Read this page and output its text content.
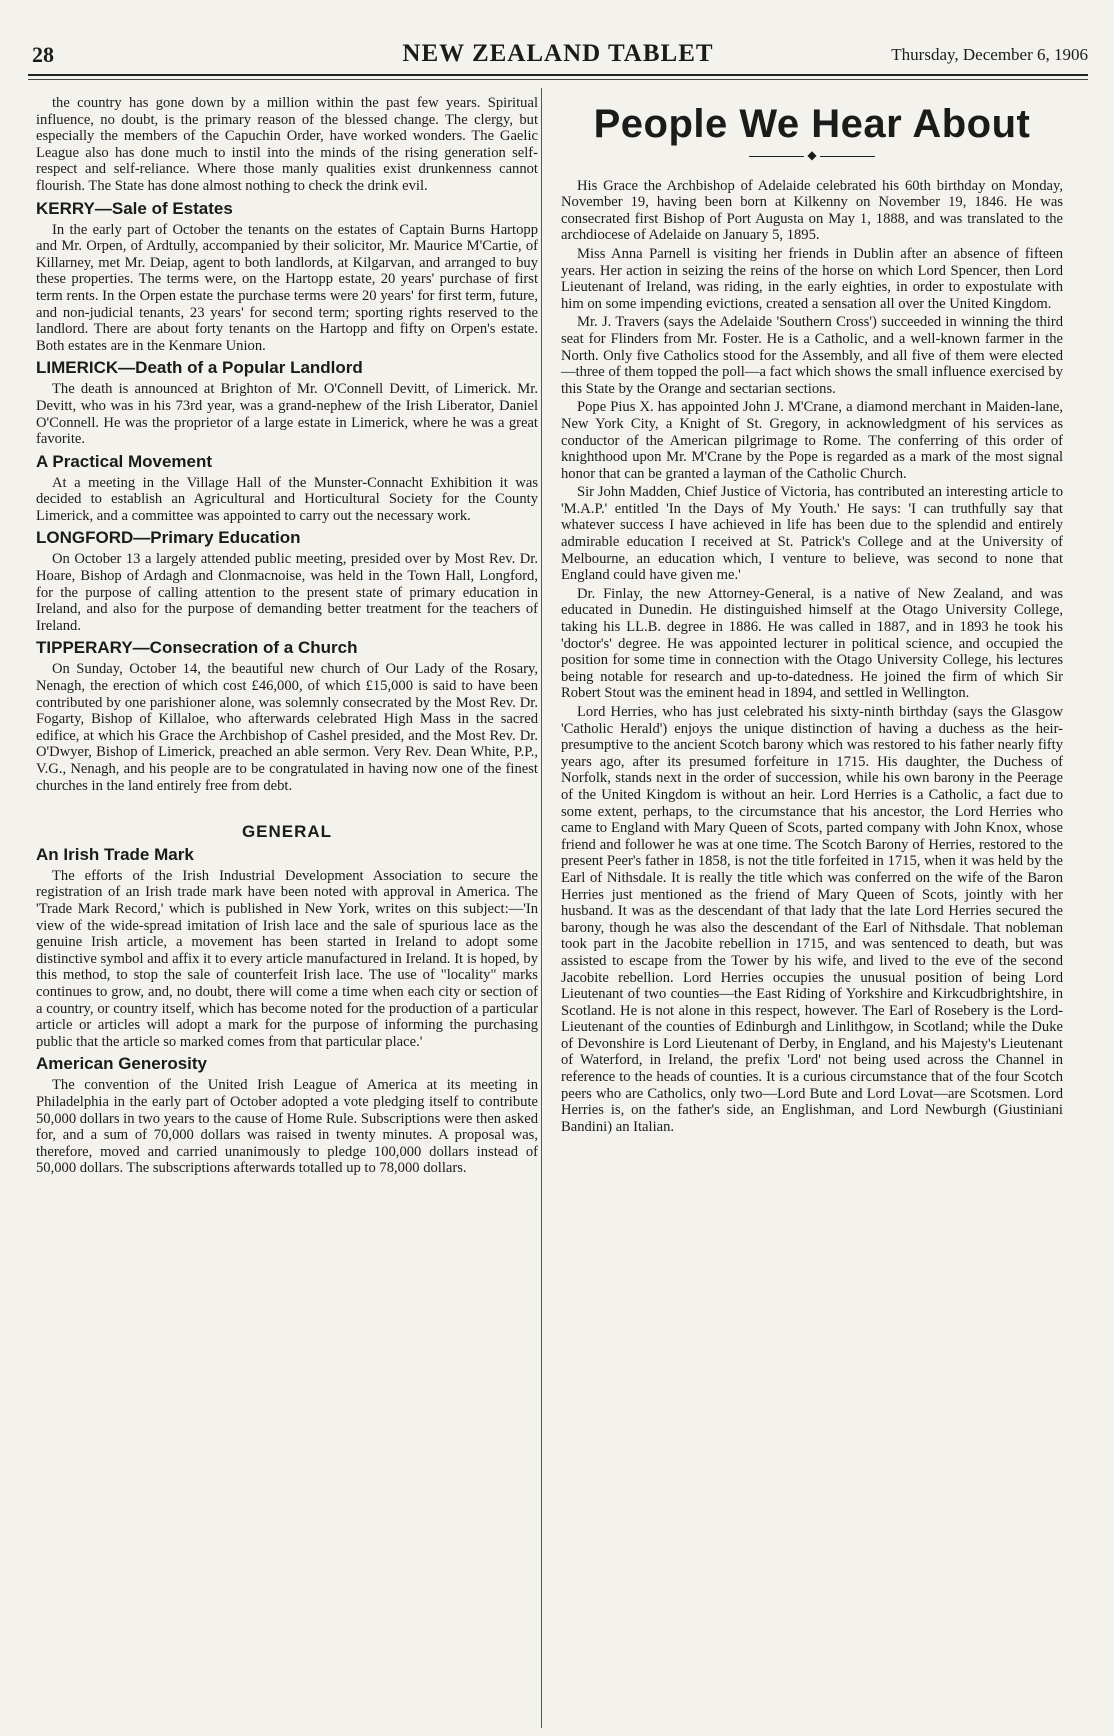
28	NEW ZEALAND TABLET	Thursday, December 6, 1906

the country has gone down by a million within the past few years. Spiritual influence, no doubt, is the primary reason of the blessed change. The clergy, but especially the members of the Capuchin Order, have worked wonders. The Gaelic League also has done much to instil into the minds of the rising generation self-respect and self-reliance. Where those manly qualities exist drunkenness cannot flourish. The State has done almost nothing to check the drink evil.

KERRY—Sale of Estates

In the early part of October the tenants on the estates of Captain Burns Hartopp and Mr. Orpen, of Ardtully, accompanied by their solicitor, Mr. Maurice M'Cartie, of Killarney, met Mr. Deiap, agent to both landlords, at Kilgarvan, and arranged to buy these properties. The terms were, on the Hartopp estate, 20 years' purchase of first term rents. In the Orpen estate the purchase terms were 20 years' for first term, future, and non-judicial tenants, 23 years' for second term; sporting rights reserved to the landlord. There are about forty tenants on the Hartopp and fifty on Orpen's estate. Both estates are in the Kenmare Union.

LIMERICK—Death of a Popular Landlord

The death is announced at Brighton of Mr. O'Connell Devitt, of Limerick. Mr. Devitt, who was in his 73rd year, was a grand-nephew of the Irish Liberator, Daniel O'Connell. He was the proprietor of a large estate in Limerick, where he was a great favorite.

A Practical Movement

At a meeting in the Village Hall of the Munster-Connacht Exhibition it was decided to establish an Agricultural and Horticultural Society for the County Limerick, and a committee was appointed to carry out the necessary work.

LONGFORD—Primary Education

On October 13 a largely attended public meeting, presided over by Most Rev. Dr. Hoare, Bishop of Ardagh and Clonmacnoise, was held in the Town Hall, Longford, for the purpose of calling attention to the present state of primary education in Ireland, and also for the purpose of demanding better treatment for the teachers of Ireland.

TIPPERARY—Consecration of a Church

On Sunday, October 14, the beautiful new church of Our Lady of the Rosary, Nenagh, the erection of which cost £46,000, of which £15,000 is said to have been contributed by one parishioner alone, was solemnly consecrated by the Most Rev. Dr. Fogarty, Bishop of Killaloe, who afterwards celebrated High Mass in the sacred edifice, at which his Grace the Archbishop of Cashel presided, and the Most Rev. Dr. O'Dwyer, Bishop of Limerick, preached an able sermon. Very Rev. Dean White, P.P., V.G., Nenagh, and his people are to be congratulated in having now one of the finest churches in the land entirely free from debt.

GENERAL
An Irish Trade Mark

The efforts of the Irish Industrial Development Association to secure the registration of an Irish trade mark have been noted with approval in America. The 'Trade Mark Record,' which is published in New York, writes on this subject:—'In view of the wide-spread imitation of Irish lace and the sale of spurious lace as the genuine Irish article, a movement has been started in Ireland to adopt some distinctive symbol and affix it to every article manufactured in Ireland. It is hoped, by this method, to stop the sale of counterfeit Irish lace. The use of "locality" marks continues to grow, and, no doubt, there will come a time when each city or section of a country, or country itself, which has become noted for the production of a particular article or articles will adopt a mark for the purpose of informing the purchasing public that the article so marked comes from that particular place.'

American Generosity

The convention of the United Irish League of America at its meeting in Philadelphia in the early part of October adopted a vote pledging itself to contribute 50,000 dollars in two years to the cause of Home Rule. Subscriptions were then asked for, and a sum of 70,000 dollars was raised in twenty minutes. A proposal was, therefore, moved and carried unanimously to pledge 100,000 dollars instead of 50,000 dollars. The subscriptions afterwards totalled up to 78,000 dollars.

People We Hear About
◆

His Grace the Archbishop of Adelaide celebrated his 60th birthday on Monday, November 19, having been born at Kilkenny on November 19, 1846. He was consecrated first Bishop of Port Augusta on May 1, 1888, and was translated to the archdiocese of Adelaide on January 5, 1895.

Miss Anna Parnell is visiting her friends in Dublin after an absence of fifteen years. Her action in seizing the reins of the horse on which Lord Spencer, then Lord Lieutenant of Ireland, was riding, in the early eighties, in order to expostulate with him on some impending evictions, created a sensation all over the United Kingdom.

Mr. J. Travers (says the Adelaide 'Southern Cross') succeeded in winning the third seat for Flinders from Mr. Foster. He is a Catholic, and a well-known farmer in the North. Only five Catholics stood for the Assembly, and all five of them were elected—three of them topped the poll—a fact which shows the small influence exercised by this State by the Orange and sectarian sections.

Pope Pius X. has appointed John J. M'Crane, a diamond merchant in Maiden-lane, New York City, a Knight of St. Gregory, in acknowledgment of his services as conductor of the American pilgrimage to Rome. The conferring of this order of knighthood upon Mr. M'Crane by the Pope is regarded as a mark of the most signal honor that can be granted a layman of the Catholic Church.

Sir John Madden, Chief Justice of Victoria, has contributed an interesting article to 'M.A.P.' entitled 'In the Days of My Youth.' He says: 'I can truthfully say that whatever success I have achieved in life has been due to the splendid and entirely admirable education I received at St. Patrick's College and at the University of Melbourne, an education which, I venture to believe, was second to none that England could have given me.'

Dr. Finlay, the new Attorney-General, is a native of New Zealand, and was educated in Dunedin. He distinguished himself at the Otago University College, taking his LL.B. degree in 1886. He was called in 1887, and in 1893 he took his 'doctor's' degree. He was appointed lecturer in political science, and occupied the position for some time in connection with the Otago University College, his lectures being notable for research and up-to-datedness. He joined the firm of which Sir Robert Stout was the eminent head in 1894, and settled in Wellington.

Lord Herries, who has just celebrated his sixty-ninth birthday (says the Glasgow 'Catholic Herald') enjoys the unique distinction of having a duchess as the heir-presumptive to the ancient Scotch barony which was restored to his father nearly fifty years ago, after its presumed forfeiture in 1715. His daughter, the Duchess of Norfolk, stands next in the order of succession, while his own barony in the Peerage of the United Kingdom is without an heir. Lord Herries is a Catholic, a fact due to some extent, perhaps, to the circumstance that his ancestor, the Lord Herries who came to England with Mary Queen of Scots, parted company with John Knox, whose friend and follower he was at one time. The Scotch Barony of Herries, restored to the present Peer's father in 1858, is not the title forfeited in 1715, when it was held by the Earl of Nithsdale. It is really the title which was conferred on the wife of the Baron Herries just mentioned as the friend of Mary Queen of Scots, jointly with her husband. It was as the descendant of that lady that the late Lord Herries secured the barony, though he was also the descendant of the Earl of Nithsdale. That nobleman took part in the Jacobite rebellion in 1715, and was sentenced to death, but was assisted to escape from the Tower by his wife, and lived to the eve of the second Jacobite rebellion. Lord Herries occupies the unusual position of being Lord Lieutenant of two counties—the East Riding of Yorkshire and Kirkcudbrightshire, in Scotland. He is not alone in this respect, however. The Earl of Rosebery is the Lord-Lieutenant of the counties of Edinburgh and Linlithgow, in Scotland; while the Duke of Devonshire is Lord Lieutenant of Derby, in England, and his Majesty's Lieutenant of Waterford, in Ireland, the prefix 'Lord' not being used across the Channel in reference to the heads of counties. It is a curious circumstance that of the four Scotch peers who are Catholics, only two—Lord Bute and Lord Lovat—are Scotsmen. Lord Herries is, on the father's side, an Englishman, and Lord Newburgh (Giustiniani Bandini) an Italian.
